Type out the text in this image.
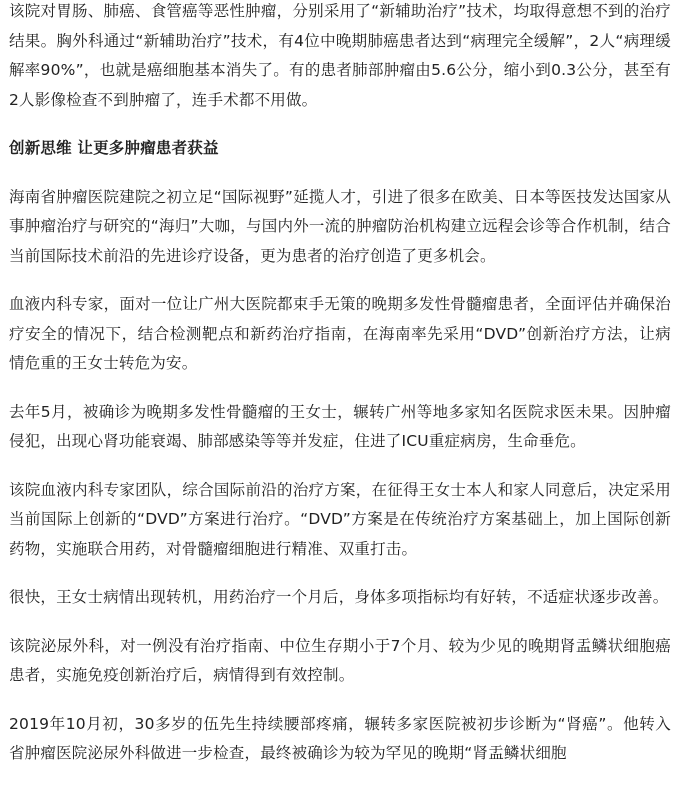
该院对胃肠、肺癌、食管癌等恶性肿瘤，分别采用了“新辅助治疗”技术，均取得意想不到的治疗结果。胸外科通过“新辅助治疗”技术，有4位中晚期肺癌患者达到“病理完全缓解”，2人“病理缓解率90%”，也就是癌细胞基本消失了。有的患者肺部肿瘤由5.6公分，缩小到0.3公分，甚至有2人影像检查不到肿瘤了，连手术都不用做。

创新思维 让更多肿瘤患者获益

海南省肿瘤医院建院之初立足“国际视野”延揽人才，引进了很多在欧美、日本等医技发达国家从事肿瘤治疗与研究的“海归”大咖，与国内外一流的肿瘤防治机构建立远程会诊等合作机制，结合当前国际技术前沿的先进诊疗设备，更为患者的治疗创造了更多机会。

血液内科专家，面对一位让广州大医院都束手无策的晚期多发性骨髓瘤患者，全面评估并确保治疗安全的情况下，结合检测靶点和新药治疗指南，在海南率先采用“DVD”创新治疗方法，让病情危重的王女士转危为安。

去年5月，被确诊为晚期多发性骨髓瘤的王女士，辗转广州等地多家知名医院求医未果。因肿瘤侵犯，出现心肾功能衰竭、肺部感染等等并发症，住进了ICU重症病房，生命垂危。

该院血液内科专家团队，综合国际前沿的治疗方案，在征得王女士本人和家人同意后，决定采用当前国际上创新的“DVD”方案进行治疗。“DVD”方案是在传统治疗方案基础上，加上国际创新药物，实施联合用药，对骨髓瘤细胞进行精准、双重打击。

很快，王女士病情出现转机，用药治疗一个月后，身体多项指标均有好转，不适症状逐步改善。

该院泌尿外科，对一例没有治疗指南、中位生存期小于7个月、较为少见的晚期肾盂鳞状细胞癌患者，实施免疫创新治疗后，病情得到有效控制。

2019年10月初，30多岁的伍先生持续腰部疼痛，辗转多家医院被初步诊断为“肾癌”。他转入省肿瘤医院泌尿外科做进一步检查，最终被确诊为较为罕见的晚期“肾盂鳞状细胞
